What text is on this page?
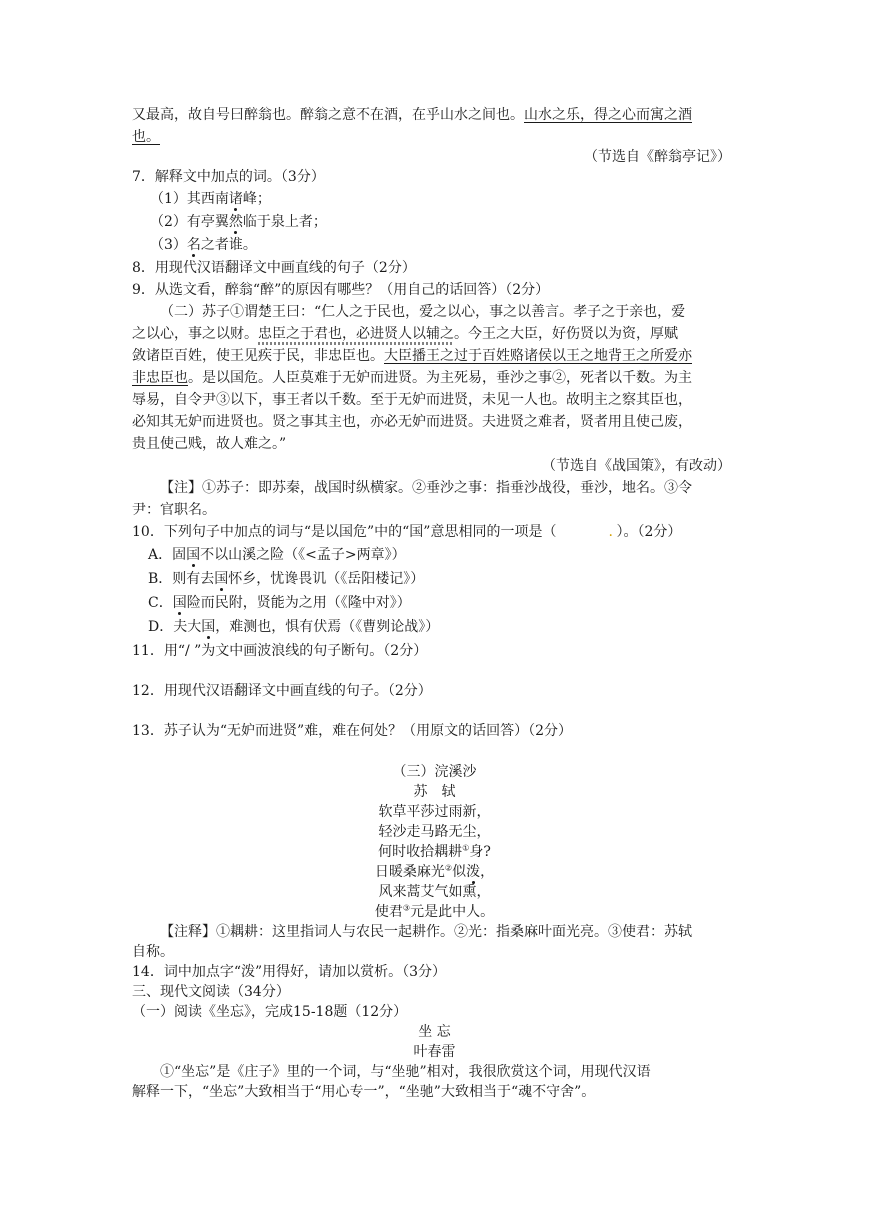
又最高，故自号曰醉翁也。醉翁之意不在酒，在乎山水之间也。山水之乐，得之心而寓之酒
也。
（节选自《醉翁亭记》）
7．解释文中加点的词。（3分）
（1）其西南诸峰；
（2）有亭翼然临于泉上者；
（3）名之者谁。
8．用现代汉语翻译文中画直线的句子（2分）
9．从选文看，醉翁“醉”的原因有哪些？（用自己的话回答）（2分）
（二）苏子①谓楚王曰：“仁人之于民也，爱之以心，事之以善言。孝子之于亲也，爱
之以心，事之以财。忠臣之于君也，必进贤人以辅之。今王之大臣，好伤贤以为资，厚赋
敛诸臣百姓，使王见疾于民，非忠臣也。大臣播王之过于百姓赂诸侯以王之地背王之所爱亦
非忠臣也。是以国危。人臣莫难于无妒而进贤。为主死易，垂沙之事②，死者以千数。为主
辱易，自令尹③以下，事王者以千数。至于无妒而进贤，未见一人也。故明主之察其臣也，
必知其无妒而进贤也。贤之事其主也，亦必无妒而进贤。夫进贤之难者，贤者用且使己废，
贵且使己贱，故人难之。”
（节选自《战国策》，有改动）
【注】①苏子：即苏秦，战国时纵横家。②垂沙之事：指垂沙战役，垂沙，地名。③令
尹：官职名。
10．下列句子中加点的词与“是以国危”中的“国”意思相同的一项是（	. ）。（2分）
A．固国不以山溪之险（《<孟子>两章》）
B．则有去国怀乡，忧谗畏讥（《岳阳楼记》）
C．国险而民附，贤能为之用（《隆中对》）
D．夫大国，难测也，惧有伏焉（《曹刿论战》）
11．用“/ ”为文中画波浪线的句子断句。（2分）
12．用现代汉语翻译文中画直线的句子。（2分）
13．苏子认为“无妒而进贤”难，难在何处？（用原文的话回答）（2分）
（三）浣溪沙
苏　轼
软草平莎过雨新，
轻沙走马路无尘，
何时收拾耦耕①身?
日暖桑麻光②似泼，
风来蒿艾气如熏，
使君③元是此中人。
【注释】①耦耕：这里指词人与农民一起耕作。②光：指桑麻叶面光亮。③使君：苏轼
自称。
14．词中加点字“泼”用得好，请加以赏析。（3分）
三、现代文阅读（34分）
（一）阅读《坐忘》，完成15-18题（12分）
坐 忘
叶春雷
①“坐忘”是《庄子》里的一个词，与“坐驰”相对，我很欣赏这个词，用现代汉语
解释一下，“坐忘”大致相当于“用心专一”，“坐驰”大致相当于“魂不守舍”。
